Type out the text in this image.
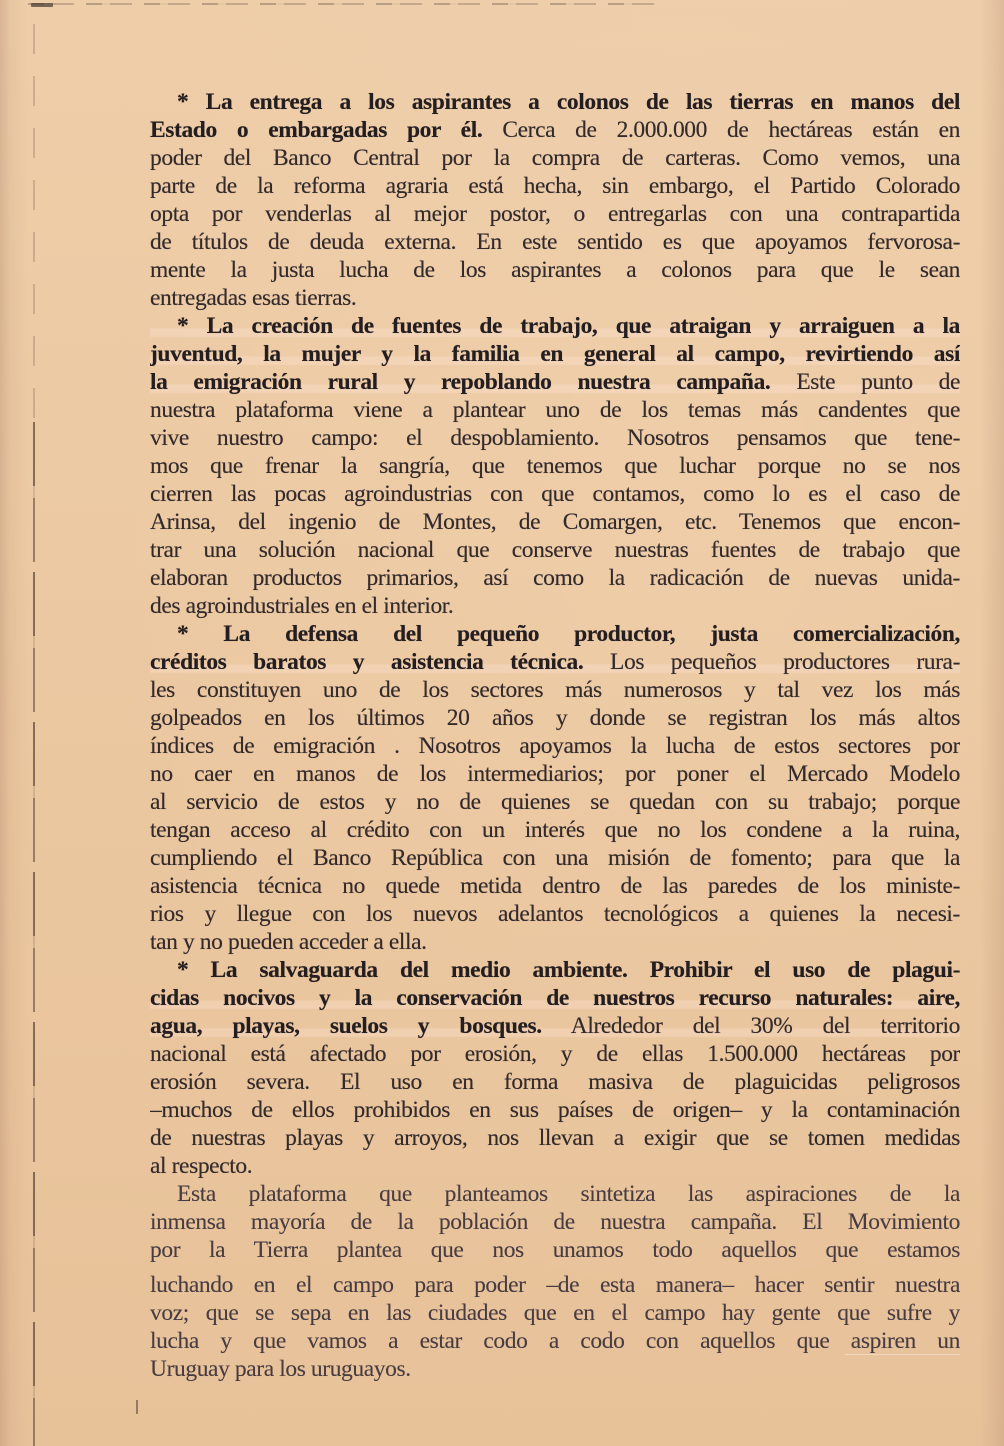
* La entrega a los aspirantes a colonos de las tierras en manos del
Estado o embargadas por él. Cerca de 2.000.000 de hectáreas están en
poder del Banco Central por la compra de carteras. Como vemos, una
parte de la reforma agraria está hecha, sin embargo, el Partido Colorado
opta por venderlas al mejor postor, o entregarlas con una contrapartida
de títulos de deuda externa. En este sentido es que apoyamos fervorosa-
mente la justa lucha de los aspirantes a colonos para que le sean
entregadas esas tierras.
* La creación de fuentes de trabajo, que atraigan y arraiguen a la
juventud, la mujer y la familia en general al campo, revirtiendo así
la emigración rural y repoblando nuestra campaña. Este punto de
nuestra plataforma viene a plantear uno de los temas más candentes que
vive nuestro campo: el despoblamiento. Nosotros pensamos que tene-
mos que frenar la sangría, que tenemos que luchar porque no se nos
cierren las pocas agroindustrias con que contamos, como lo es el caso de
Arinsa, del ingenio de Montes, de Comargen, etc. Tenemos que encon-
trar una solución nacional que conserve nuestras fuentes de trabajo que
elaboran productos primarios, así como la radicación de nuevas unida-
des agroindustriales en el interior.
* La defensa del pequeño productor, justa comercialización,
créditos baratos y asistencia técnica. Los pequeños productores rura-
les constituyen uno de los sectores más numerosos y tal vez los más
golpeados en los últimos 20 años y donde se registran los más altos
índices de emigración . Nosotros apoyamos la lucha de estos sectores por
no caer en manos de los intermediarios; por poner el Mercado Modelo
al servicio de estos y no de quienes se quedan con su trabajo; porque
tengan acceso al crédito con un interés que no los condene a la ruina,
cumpliendo el Banco República con una misión de fomento; para que la
asistencia técnica no quede metida dentro de las paredes de los ministe-
rios y llegue con los nuevos adelantos tecnológicos a quienes la necesi-
tan y no pueden acceder a ella.
* La salvaguarda del medio ambiente. Prohibir el uso de plagui-
cidas nocivos y la conservación de nuestros recurso naturales: aire,
agua, playas, suelos y bosques. Alrededor del 30% del territorio
nacional está afectado por erosión, y de ellas 1.500.000 hectáreas por
erosión severa. El uso en forma masiva de plaguicidas peligrosos
–muchos de ellos prohibidos en sus países de origen– y la contaminación
de nuestras playas y arroyos, nos llevan a exigir que se tomen medidas
al respecto.
Esta plataforma que planteamos sintetiza las aspiraciones de la
inmensa mayoría de la población de nuestra campaña. El Movimiento
por la Tierra plantea que nos unamos todo aquellos que estamos
luchando en el campo para poder –de esta manera– hacer sentir nuestra
voz; que se sepa en las ciudades que en el campo hay gente que sufre y
lucha y que vamos a estar codo a codo con aquellos que aspiren un
Uruguay para los uruguayos.
